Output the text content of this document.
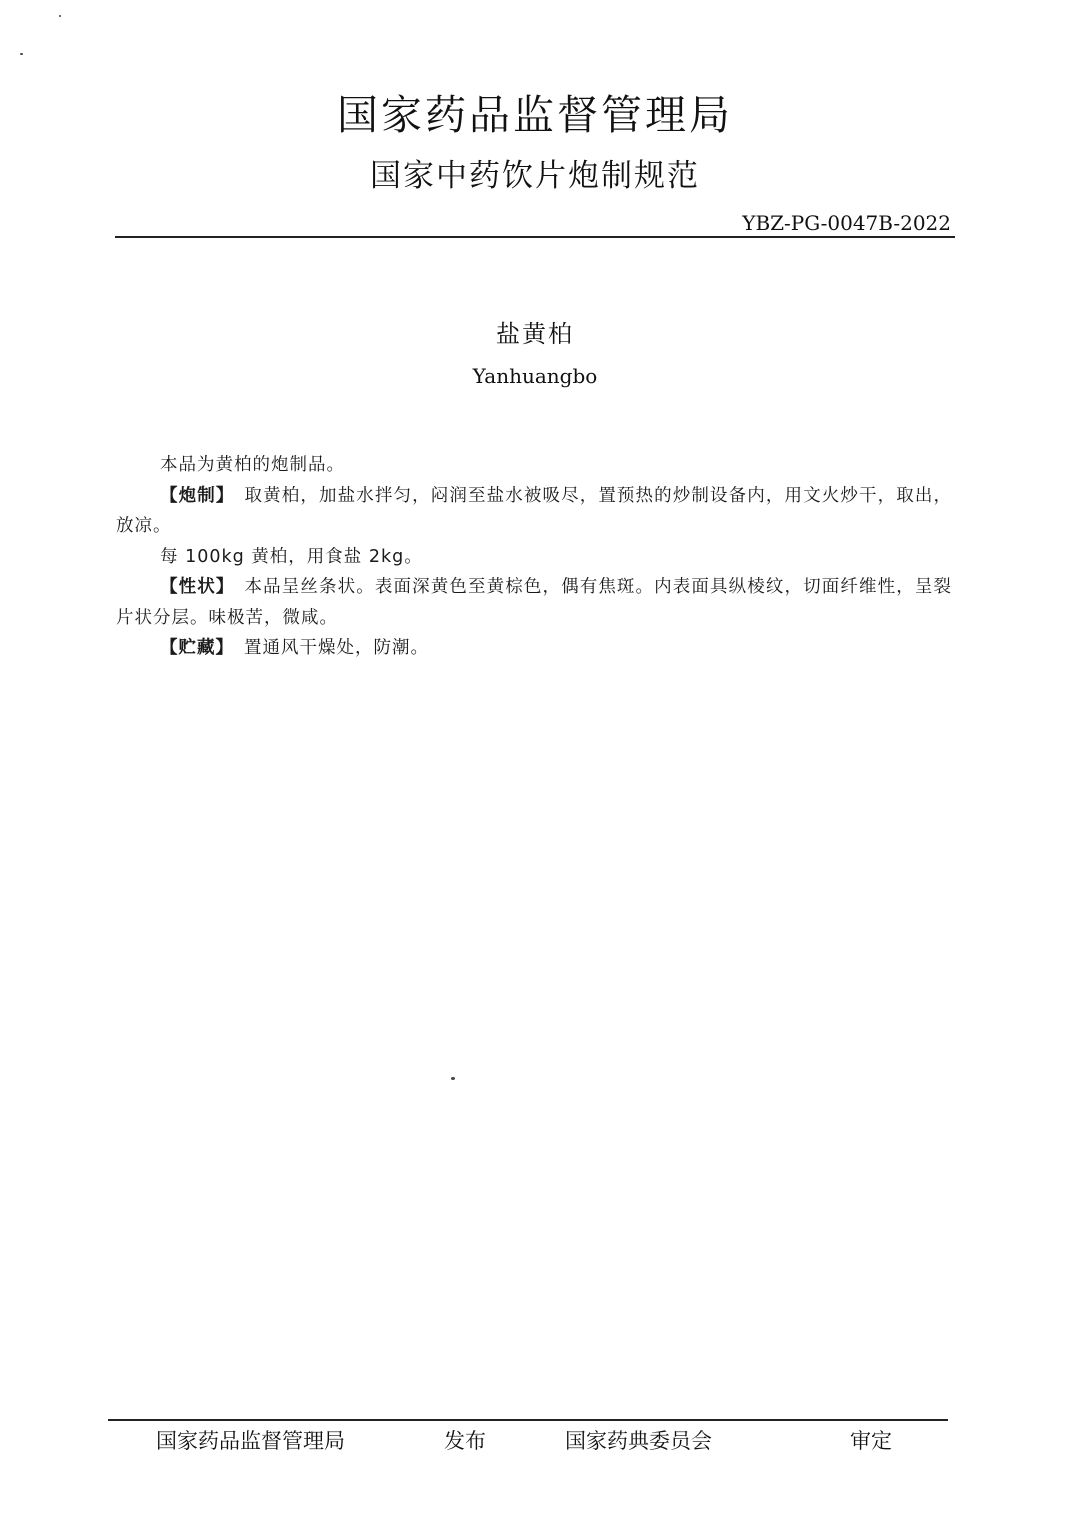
国家药品监督管理局
国家中药饮片炮制规范
YBZ-PG-0047B-2022
盐黄柏
Yanhuangbo

本品为黄柏的炮制品。

【炮制】 取黄柏，加盐水拌匀，闷润至盐水被吸尽，置预热的炒制设备内，用文火炒干，取出，放凉。

每 100kg 黄柏，用食盐 2kg。

【性状】 本品呈丝条状。表面深黄色至黄棕色，偶有焦斑。内表面具纵棱纹，切面纤维性，呈裂片状分层。味极苦，微咸。

【贮藏】 置通风干燥处，防潮。

国家药品监督管理局	发布	国家药典委员会	审定
